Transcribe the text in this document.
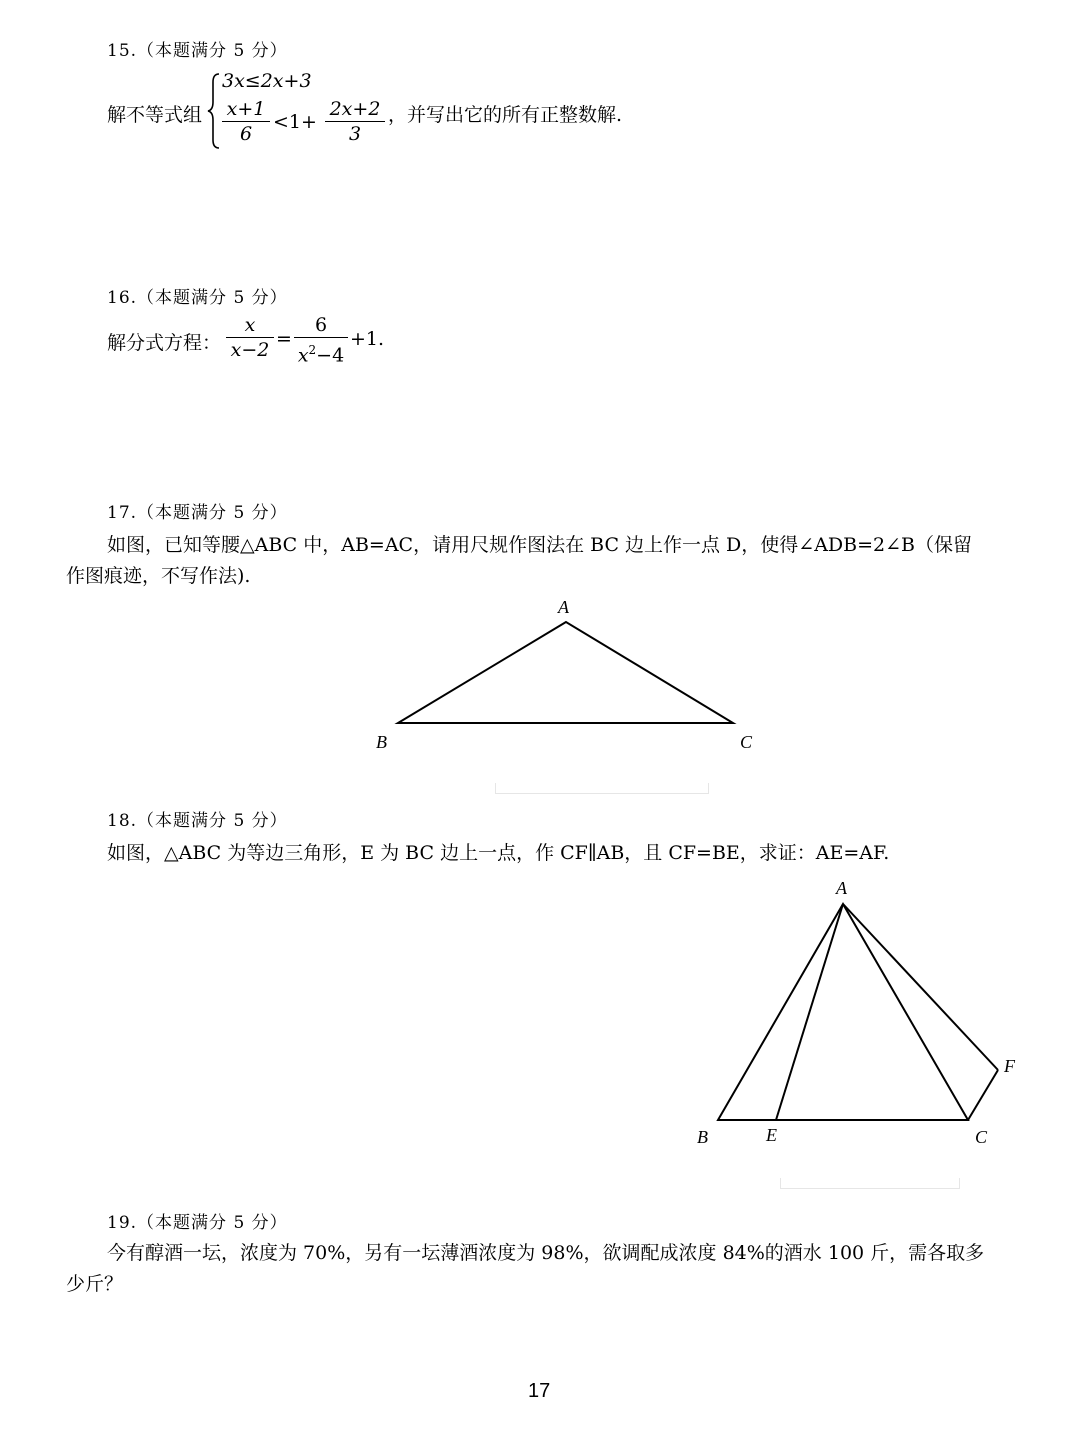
15.（本题满分 5 分）
解不等式组
3x≤2x+3
x+1
6
<1+
2x+2
3
，并写出它的所有正整数解.
16.（本题满分 5 分）
解分式方程：
x
x−2 =
6
$x^2-4$
+1.
17.（本题满分 5 分）
如图，已知等腰△ABC 中，AB=AC，请用尺规作图法在 BC 边上作一点 D，使得∠ADB=2∠B（保留
作图痕迹，不写作法).
A
B	C
18.（本题满分 5 分）
如图，△ABC 为等边三角形，E 为 BC 边上一点，作 CF∥AB，且 CF=BE，求证：AE=AF.
A
B	E	C
F
19.（本题满分 5 分）
今有醇酒一坛，浓度为 70%，另有一坛薄酒浓度为 98%，欲调配成浓度 84%的酒水 100 斤，需各取多
少斤？
17
